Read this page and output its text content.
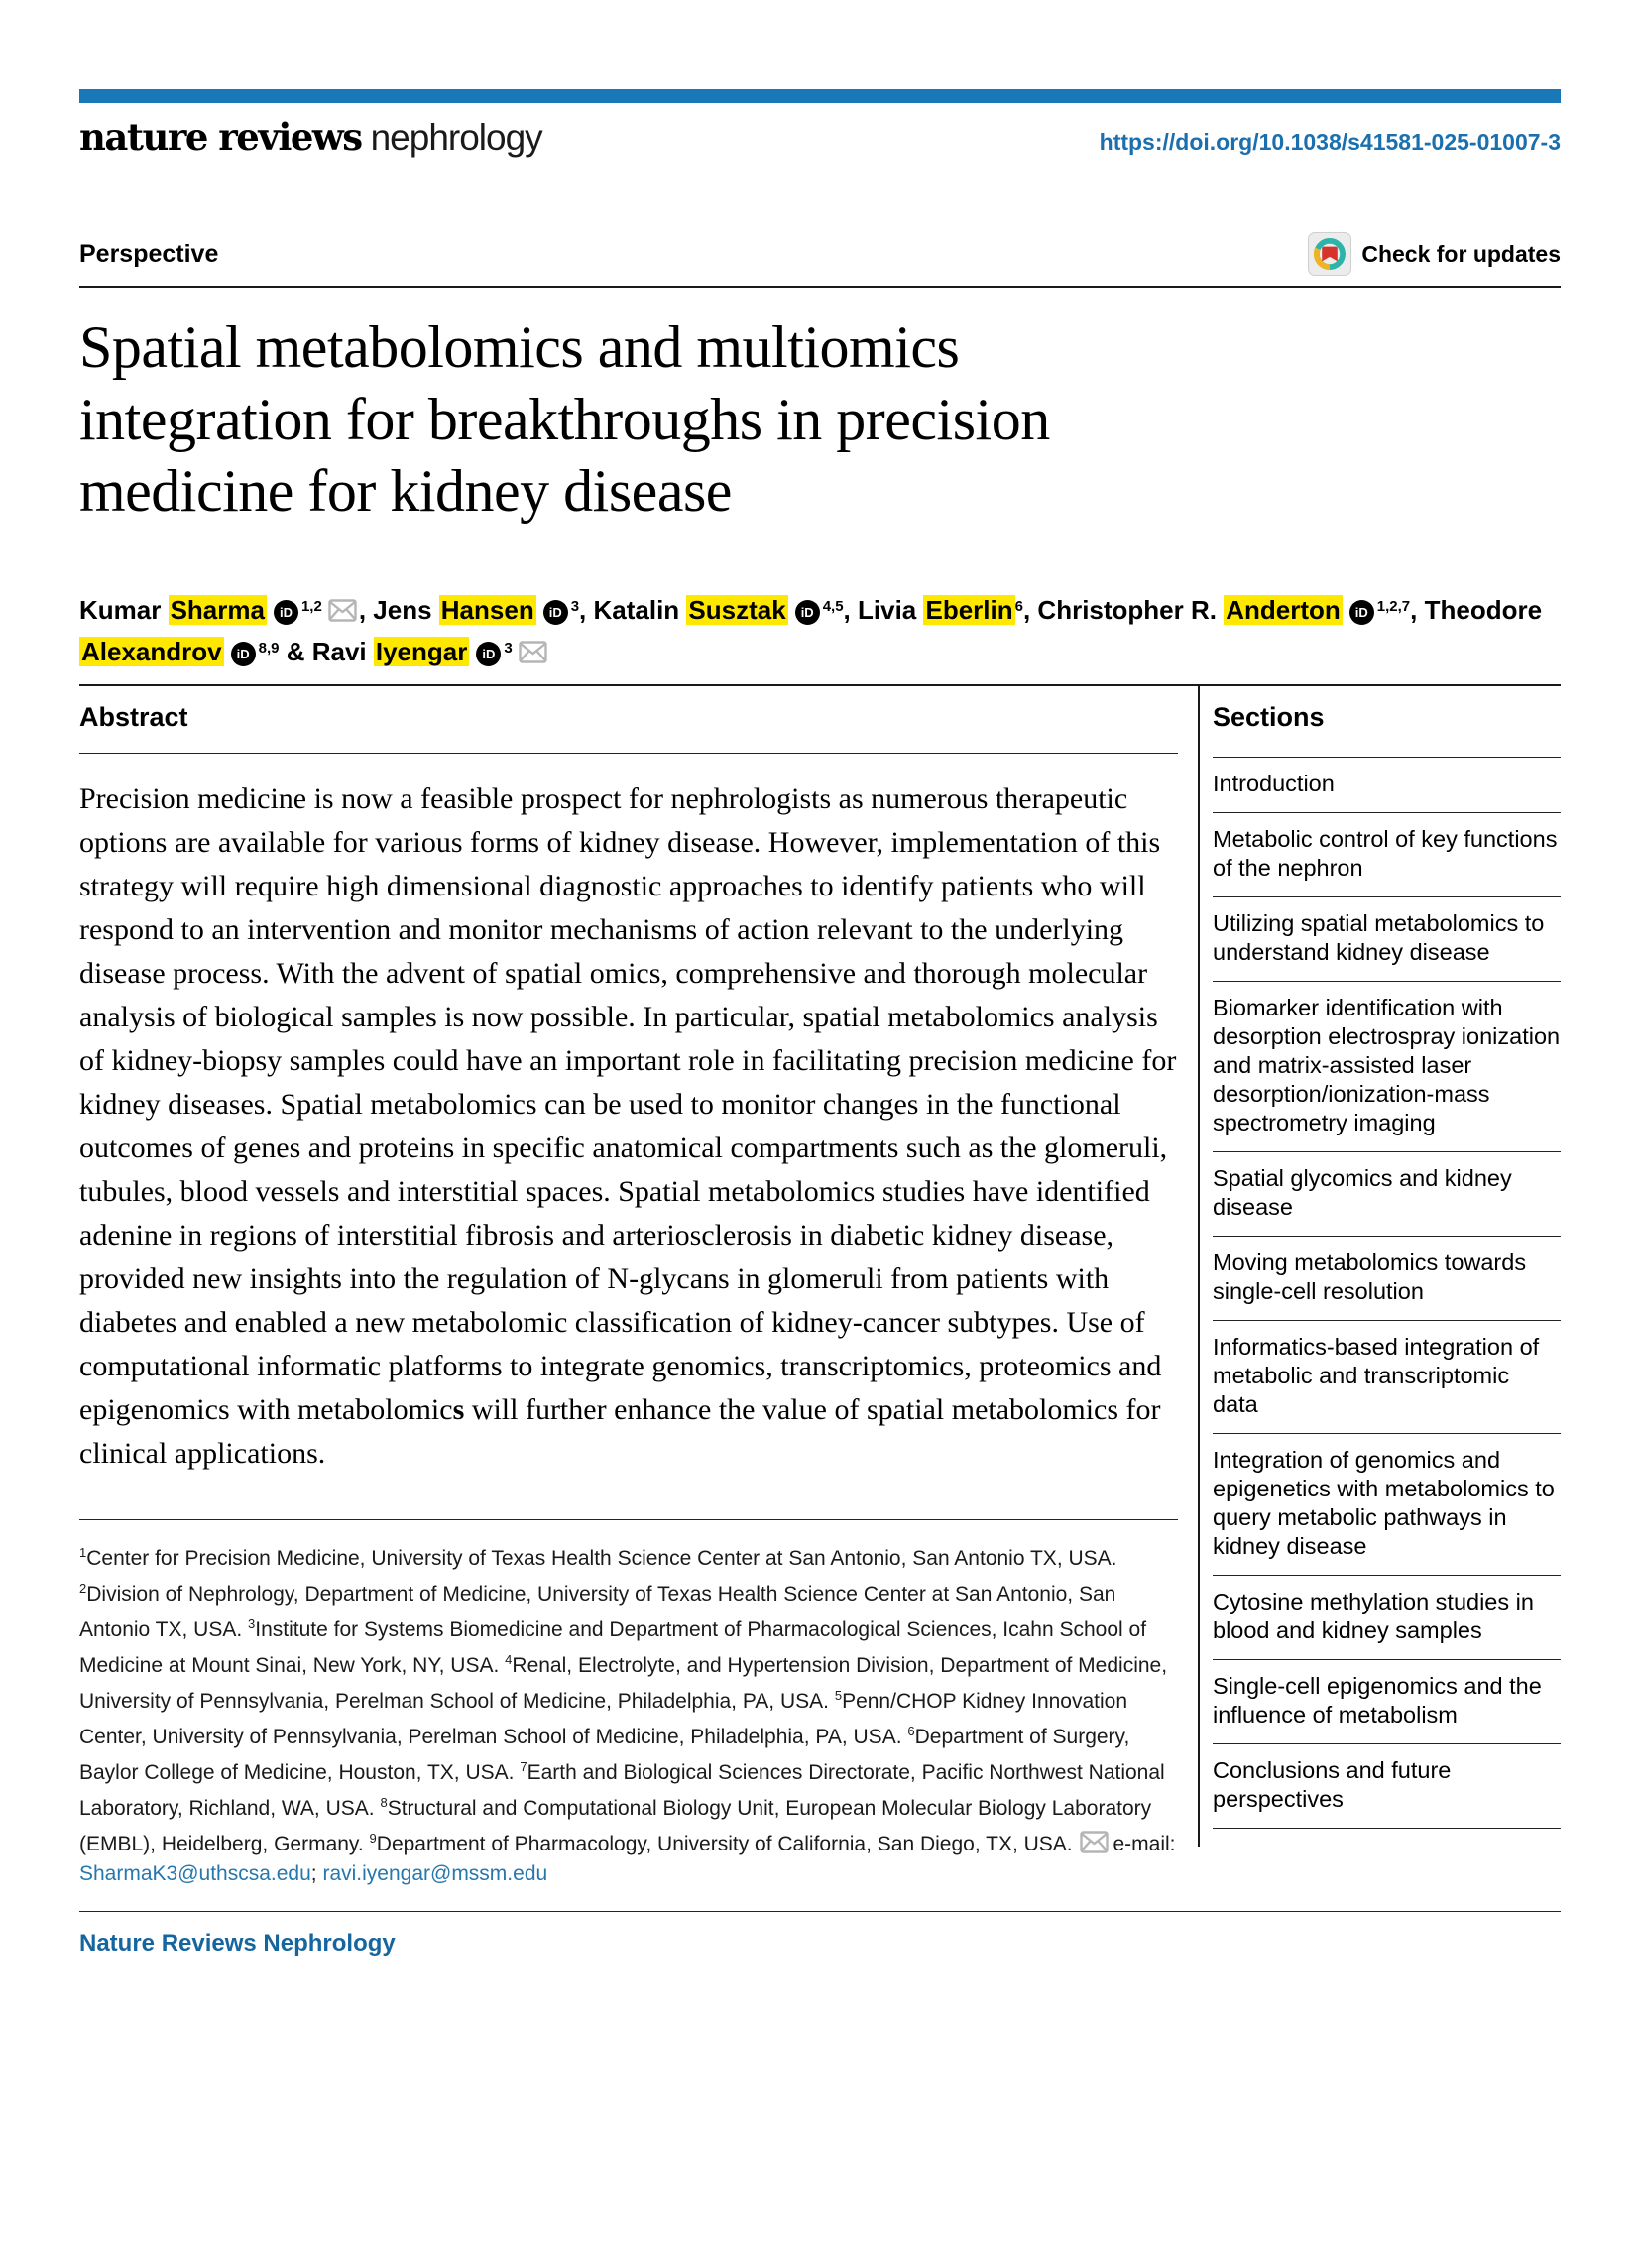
nature reviews nephrology	https://doi.org/10.1038/s41581-025-01007-3
Perspective	Check for updates
Spatial metabolomics and multiomics
integration for breakthroughs in precision
medicine for kidney disease
Kumar Sharma iD $^{1,2}$ , Jens Hansen iD $^3$, Katalin Susztak iD $^{4,5}$, Livia Eberlin $^6$, Christopher R. Anderton iD $^{1,2,7}$, Theodore Alexandrov iD $^{8,9}$ & Ravi Iyengar iD $^3$
Abstract

Precision medicine is now a feasible prospect for nephrologists as numerous therapeutic options are available for various forms of kidney disease. However, implementation of this strategy will require high dimensional diagnostic approaches to identify patients who will respond to an intervention and monitor mechanisms of action relevant to the underlying disease process. With the advent of spatial omics, comprehensive and thorough molecular analysis of biological samples is now possible. In particular, spatial metabolomics analysis of kidney-biopsy samples could have an important role in facilitating precision medicine for kidney diseases. Spatial metabolomics can be used to monitor changes in the functional outcomes of genes and proteins in specific anatomical compartments such as the glomeruli, tubules, blood vessels and interstitial spaces. Spatial metabolomics studies have identified adenine in regions of interstitial fibrosis and arteriosclerosis in diabetic kidney disease, provided new insights into the regulation of N-glycans in glomeruli from patients with diabetes and enabled a new metabolomic classification of kidney-cancer subtypes. Use of computational informatic platforms to integrate genomics, transcriptomics, proteomics and epigenomics with metabolomics will further enhance the value of spatial metabolomics for clinical applications.

$^1$Center for Precision Medicine, University of Texas Health Science Center at San Antonio, San Antonio TX, USA. $^2$Division of Nephrology, Department of Medicine, University of Texas Health Science Center at San Antonio, San Antonio TX, USA. $^3$Institute for Systems Biomedicine and Department of Pharmacological Sciences, Icahn School of Medicine at Mount Sinai, New York, NY, USA. $^4$Renal, Electrolyte, and Hypertension Division, Department of Medicine, University of Pennsylvania, Perelman School of Medicine, Philadelphia, PA, USA. $^5$Penn/CHOP Kidney Innovation Center, University of Pennsylvania, Perelman School of Medicine, Philadelphia, PA, USA. $^6$Department of Surgery, Baylor College of Medicine, Houston, TX, USA. $^7$Earth and Biological Sciences Directorate, Pacific Northwest National Laboratory, Richland, WA, USA. $^8$Structural and Computational Biology Unit, European Molecular Biology Laboratory (EMBL), Heidelberg, Germany. $^9$Department of Pharmacology, University of California, San Diego, TX, USA. e-mail: SharmaK3@uthscsa.edu; ravi.iyengar@mssm.edu

Sections
Introduction
Metabolic control of key functions of the nephron
Utilizing spatial metabolomics to understand kidney disease
Biomarker identification with desorption electrospray ionization and matrix-assisted laser desorption/ionization-mass spectrometry imaging
Spatial glycomics and kidney disease
Moving metabolomics towards single-cell resolution
Informatics-based integration of metabolic and transcriptomic data
Integration of genomics and epigenetics with metabolomics to query metabolic pathways in kidney disease
Cytosine methylation studies in blood and kidney samples
Single-cell epigenomics and the influence of metabolism
Conclusions and future perspectives
Nature Reviews Nephrology
